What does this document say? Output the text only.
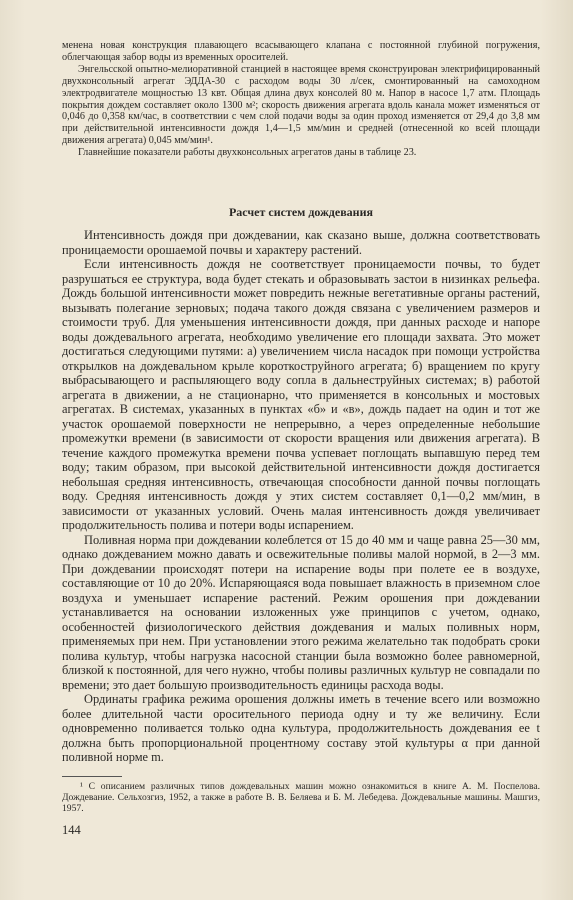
менена новая конструкция плавающего всасывающего клапана с постоянной глубиной погружения, облегчающая забор воды из временных оросителей.

Энгельсской опытно-мелиоративной станцией в настоящее время сконструирован электрифицированный двухконсольный агрегат ЭДДА-30 с расходом воды 30 л/сек, смонтированный на самоходном электродвигателе мощностью 13 квт. Общая длина двух консолей 80 м. Напор в насосе 1,7 атм. Площадь покрытия дождем составляет около 1300 м²; скорость движения агрегата вдоль канала может изменяться от 0,046 до 0,358 км/час, в соответствии с чем слой подачи воды за один проход изменяется от 29,4 до 3,8 мм при действительной интенсивности дождя 1,4—1,5 мм/мин и средней (отнесенной ко всей площади движения агрегата) 0,045 мм/мин¹.

Главнейшие показатели работы двухконсольных агрегатов даны в таблице 23.

Расчет систем дождевания

Интенсивность дождя при дождевании, как сказано выше, должна соответствовать проницаемости орошаемой почвы и характеру растений.

Если интенсивность дождя не соответствует проницаемости почвы, то будет разрушаться ее структура, вода будет стекать и образовывать застои в низинках рельефа. Дождь большой интенсивности может повредить нежные вегетативные органы растений, вызывать полегание зерновых; подача такого дождя связана с увеличением размеров и стоимости труб. Для уменьшения интенсивности дождя, при данных расходе и напоре воды дождевального агрегата, необходимо увеличение его площади захвата. Это может достигаться следующими путями: а) увеличением числа насадок при помощи устройства открылков на дождевальном крыле короткоструйного агрегата; б) вращением по кругу выбрасывающего и распыляющего воду сопла в дальнеструйных системах; в) работой агрегата в движении, а не стационарно, что применяется в консольных и мостовых агрегатах. В системах, указанных в пунктах «б» и «в», дождь падает на один и тот же участок орошаемой поверхности не непрерывно, а через определенные небольшие промежутки времени (в зависимости от скорости вращения или движения агрегата). В течение каждого промежутка времени почва успевает поглощать выпавшую перед тем воду; таким образом, при высокой действительной интенсивности дождя достигается небольшая средняя интенсивность, отвечающая способности данной почвы поглощать воду. Средняя интенсивность дождя у этих систем составляет 0,1—0,2 мм/мин, в зависимости от указанных условий. Очень малая интенсивность дождя увеличивает продолжительность полива и потери воды испарением.

Поливная норма при дождевании колеблется от 15 до 40 мм и чаще равна 25—30 мм, однако дождеванием можно давать и освежительные поливы малой нормой, в 2—3 мм. При дождевании происходят потери на испарение воды при полете ее в воздухе, составляющие от 10 до 20%. Испаряющаяся вода повышает влажность в приземном слое воздуха и уменьшает испарение растений. Режим орошения при дождевании устанавливается на основании изложенных уже принципов с учетом, однако, особенностей физиологического действия дождевания и малых поливных норм, применяемых при нем. При установлении этого режима желательно так подобрать сроки полива культур, чтобы нагрузка насосной станции была возможно более равномерной, близкой к постоянной, для чего нужно, чтобы поливы различных культур не совпадали по времени; это дает большую производительность единицы расхода воды.

Ординаты графика режима орошения должны иметь в течение всего или возможно более длительной части оросительного периода одну и ту же величину. Если одновременно поливается только одна культура, продолжительность дождевания ее t должна быть пропорциональной процентному составу этой культуры α при данной поливной норме m.

¹ С описанием различных типов дождевальных машин можно ознакомиться в книге А. М. Поспелова. Дождевание. Сельхозгиз, 1952, а также в работе В. В. Беляева и Б. М. Лебедева. Дождевальные машины. Машгиз, 1957.

144
